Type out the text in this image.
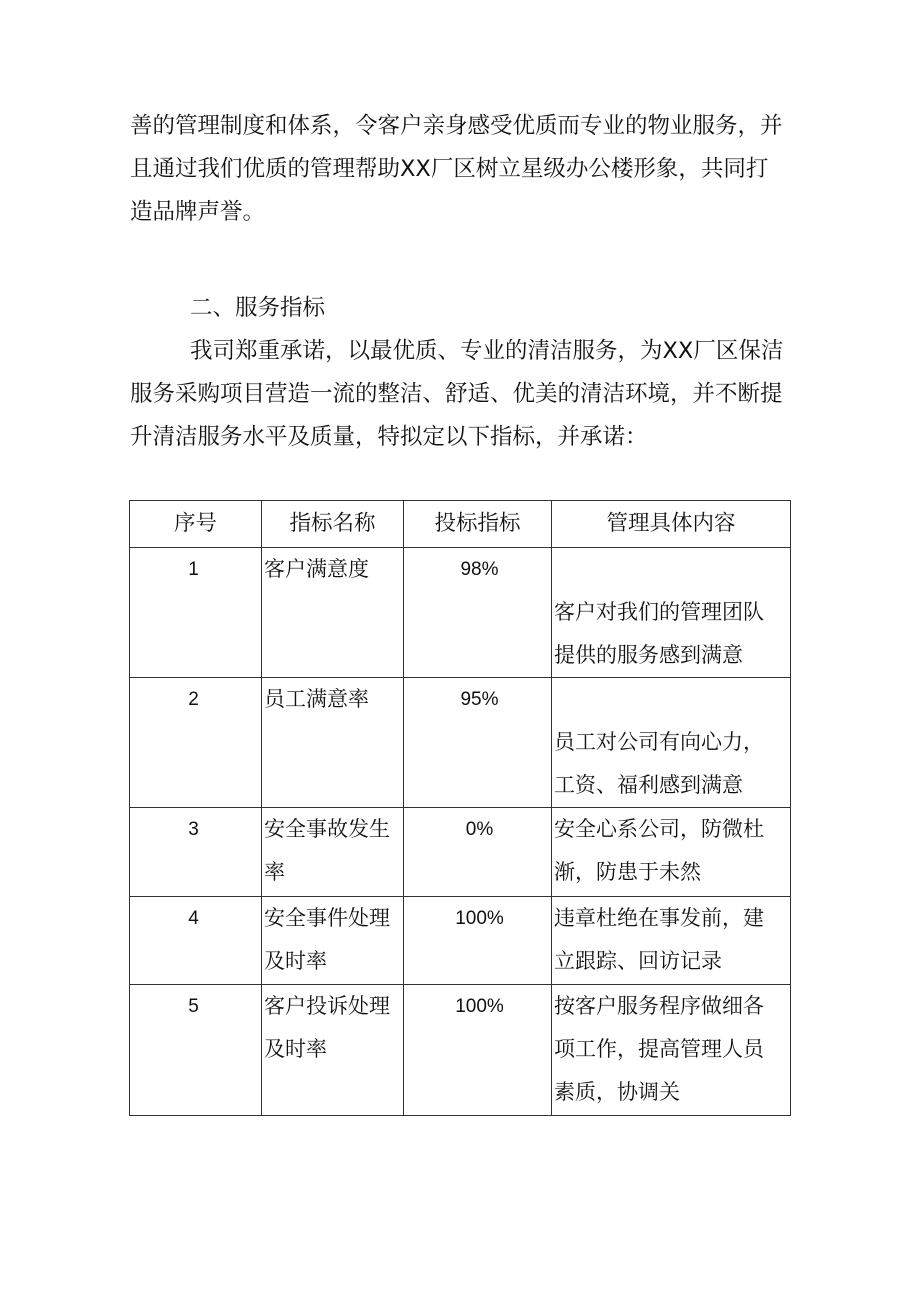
善的管理制度和体系，令客户亲身感受优质而专业的物业服务，并
且通过我们优质的管理帮助XX厂区树立星级办公楼形象，共同打
造品牌声誉。
二、服务指标
我司郑重承诺，以最优质、专业的清洁服务，为XX厂区保洁
服务采购项目营造一流的整洁、舒适、优美的清洁环境，并不断提
升清洁服务水平及质量，特拟定以下指标，并承诺：
序号	指标名称	投标指标	管理具体内容

1	客户满意度	98%	客户对我们的管理团队
提供的服务感到满意

2	员工满意率	95%	员工对公司有向心力，
工资、福利感到满意

3	安全事故发生
率	0%	安全心系公司，防微杜
渐，防患于未然

4	安全事件处理
及时率	100%	违章杜绝在事发前，建
立跟踪、回访记录

5	客户投诉处理
及时率	100%	按客户服务程序做细各
项工作，提高管理人员
素质，协调关
